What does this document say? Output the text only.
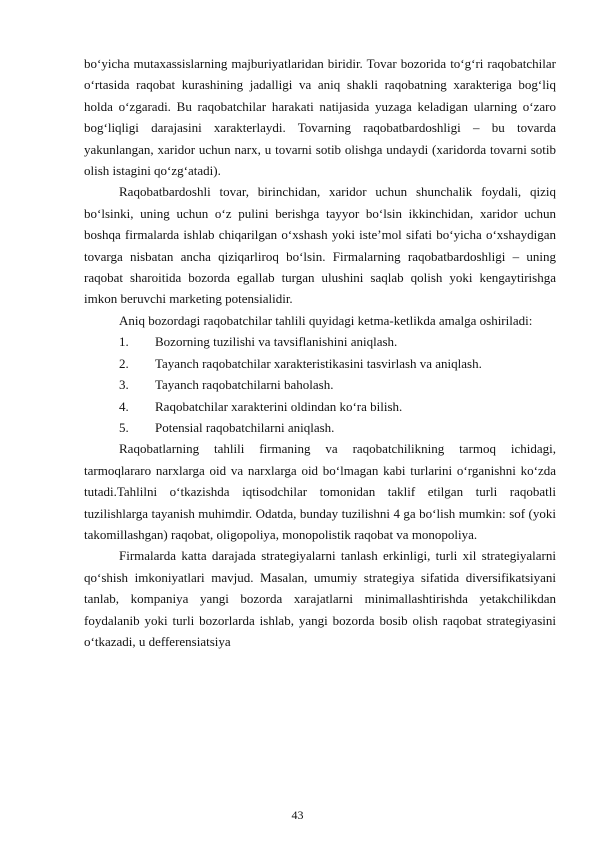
bo‘yicha mutaxassislarning majburiyatlaridan biridir. Tovar bozorida to‘g‘ri raqobatchilar o‘rtasida raqobat kurashining jadalligi va aniq shakli raqobatning xarakteriga bog‘liq holda o‘zgaradi. Bu raqobatchilar harakati natijasida yuzaga keladigan ularning o‘zaro bog‘liqligi darajasini xarakterlaydi. Tovarning raqobatbardoshligi – bu tovarda yakunlangan, xaridor uchun narx, u tovarni sotib olishga undaydi (xaridorda tovarni sotib olish istagini qo‘zg‘atadi).

Raqobatbardoshli tovar, birinchidan, xaridor uchun shunchalik foydali, qiziq bo‘lsinki, uning uchun o‘z pulini berishga tayyor bo‘lsin ikkinchidan, xaridor uchun boshqa firmalarda ishlab chiqarilgan o‘xshash yoki iste’mol sifati bo‘yicha o‘xshaydigan tovarga nisbatan ancha qiziqarliroq bo‘lsin. Firmalarning raqobatbardoshligi – uning raqobat sharoitida bozorda egallab turgan ulushini saqlab qolish yoki kengaytirishga imkon beruvchi marketing potensialidir.

Aniq bozordagi raqobatchilar tahlili quyidagi ketma-ketlikda amalga oshiriladi:

1. Bozorning tuzilishi va tavsiflanishini aniqlash.
2. Tayanch raqobatchilar xarakteristikasini tasvirlash va aniqlash.
3. Tayanch raqobatchilarni baholash.
4. Raqobatchilar xarakterini oldindan ko‘ra bilish.
5. Potensial raqobatchilarni aniqlash.

Raqobatlarning tahlili firmaning va raqobatchilikning tarmoq ichidagi, tarmoqlararo narxlarga oid va narxlarga oid bo‘lmagan kabi turlarini o‘rganishni ko‘zda tutadi.Tahlilni o‘tkazishda iqtisodchilar tomonidan taklif etilgan turli raqobatli tuzilishlarga tayanish muhimdir. Odatda, bunday tuzilishni 4 ga bo‘lish mumkin: sof (yoki takomillashgan) raqobat, oligopoliya, monopolistik raqobat va monopoliya.

Firmalarda katta darajada strategiyalarni tanlash erkinligi, turli xil strategiyalarni qo‘shish imkoniyatlari mavjud. Masalan, umumiy strategiya sifatida diversifikatsiyani tanlab, kompaniya yangi bozorda xarajatlarni minimallashtirishda yetakchilikdan foydalanib yoki turli bozorlarda ishlab, yangi bozorda bosib olish raqobat strategiyasini o‘tkazadi, u defferensiatsiya

43
